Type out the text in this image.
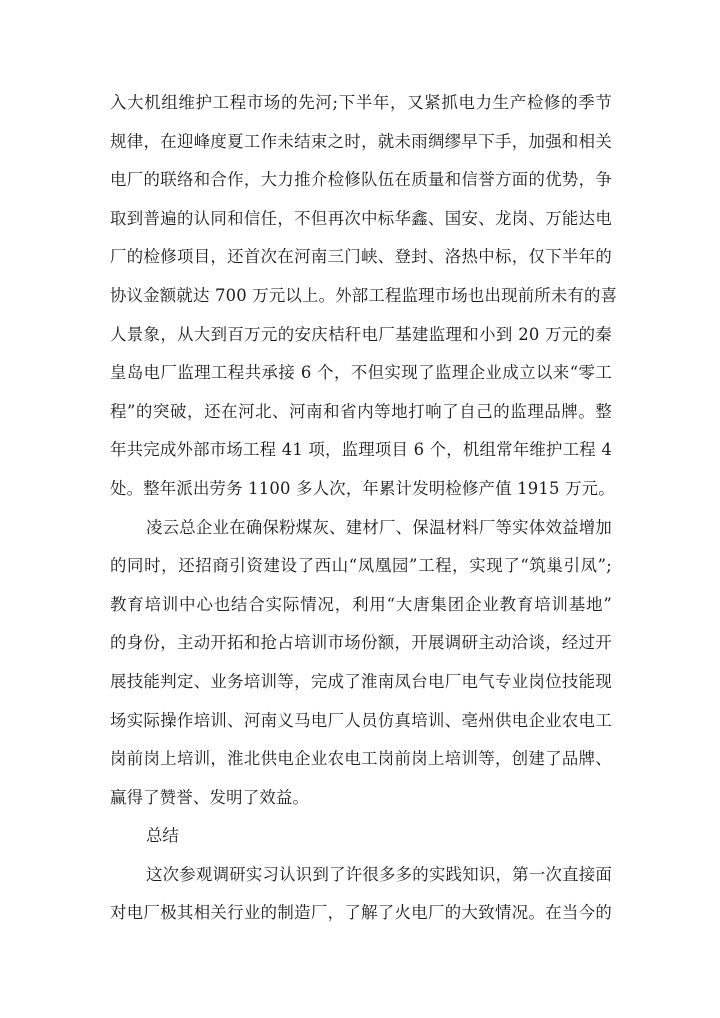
入大机组维护工程市场的先河;下半年，又紧抓电力生产检修的季节
规律，在迎峰度夏工作未结束之时，就未雨绸缪早下手，加强和相关
电厂的联络和合作，大力推介检修队伍在质量和信誉方面的优势，争
取到普遍的认同和信任，不但再次中标华鑫、国安、龙岗、万能达电
厂的检修项目，还首次在河南三门峡、登封、洛热中标，仅下半年的
协议金额就达 700 万元以上。外部工程监理市场也出现前所未有的喜
人景象，从大到百万元的安庆桔秆电厂基建监理和小到 20 万元的秦
皇岛电厂监理工程共承接 6 个，不但实现了监理企业成立以来“零工
程”的突破，还在河北、河南和省内等地打响了自己的监理品牌。整
年共完成外部市场工程 41 项，监理项目 6 个，机组常年维护工程 4
处。整年派出劳务 1100 多人次，年累计发明检修产值 1915 万元。
凌云总企业在确保粉煤灰、建材厂、保温材料厂等实体效益增加
的同时，还招商引资建设了西山“凤凰园”工程，实现了“筑巢引凤”;
教育培训中心也结合实际情况，利用“大唐集团企业教育培训基地”
的身份，主动开拓和抢占培训市场份额，开展调研主动洽谈，经过开
展技能判定、业务培训等，完成了淮南凤台电厂电气专业岗位技能现
场实际操作培训、河南义马电厂人员仿真培训、亳州供电企业农电工
岗前岗上培训，淮北供电企业农电工岗前岗上培训等，创建了品牌、
赢得了赞誉、发明了效益。
总结
这次参观调研实习认识到了许很多多的实践知识，第一次直接面
对电厂极其相关行业的制造厂，了解了火电厂的大致情况。在当今的
